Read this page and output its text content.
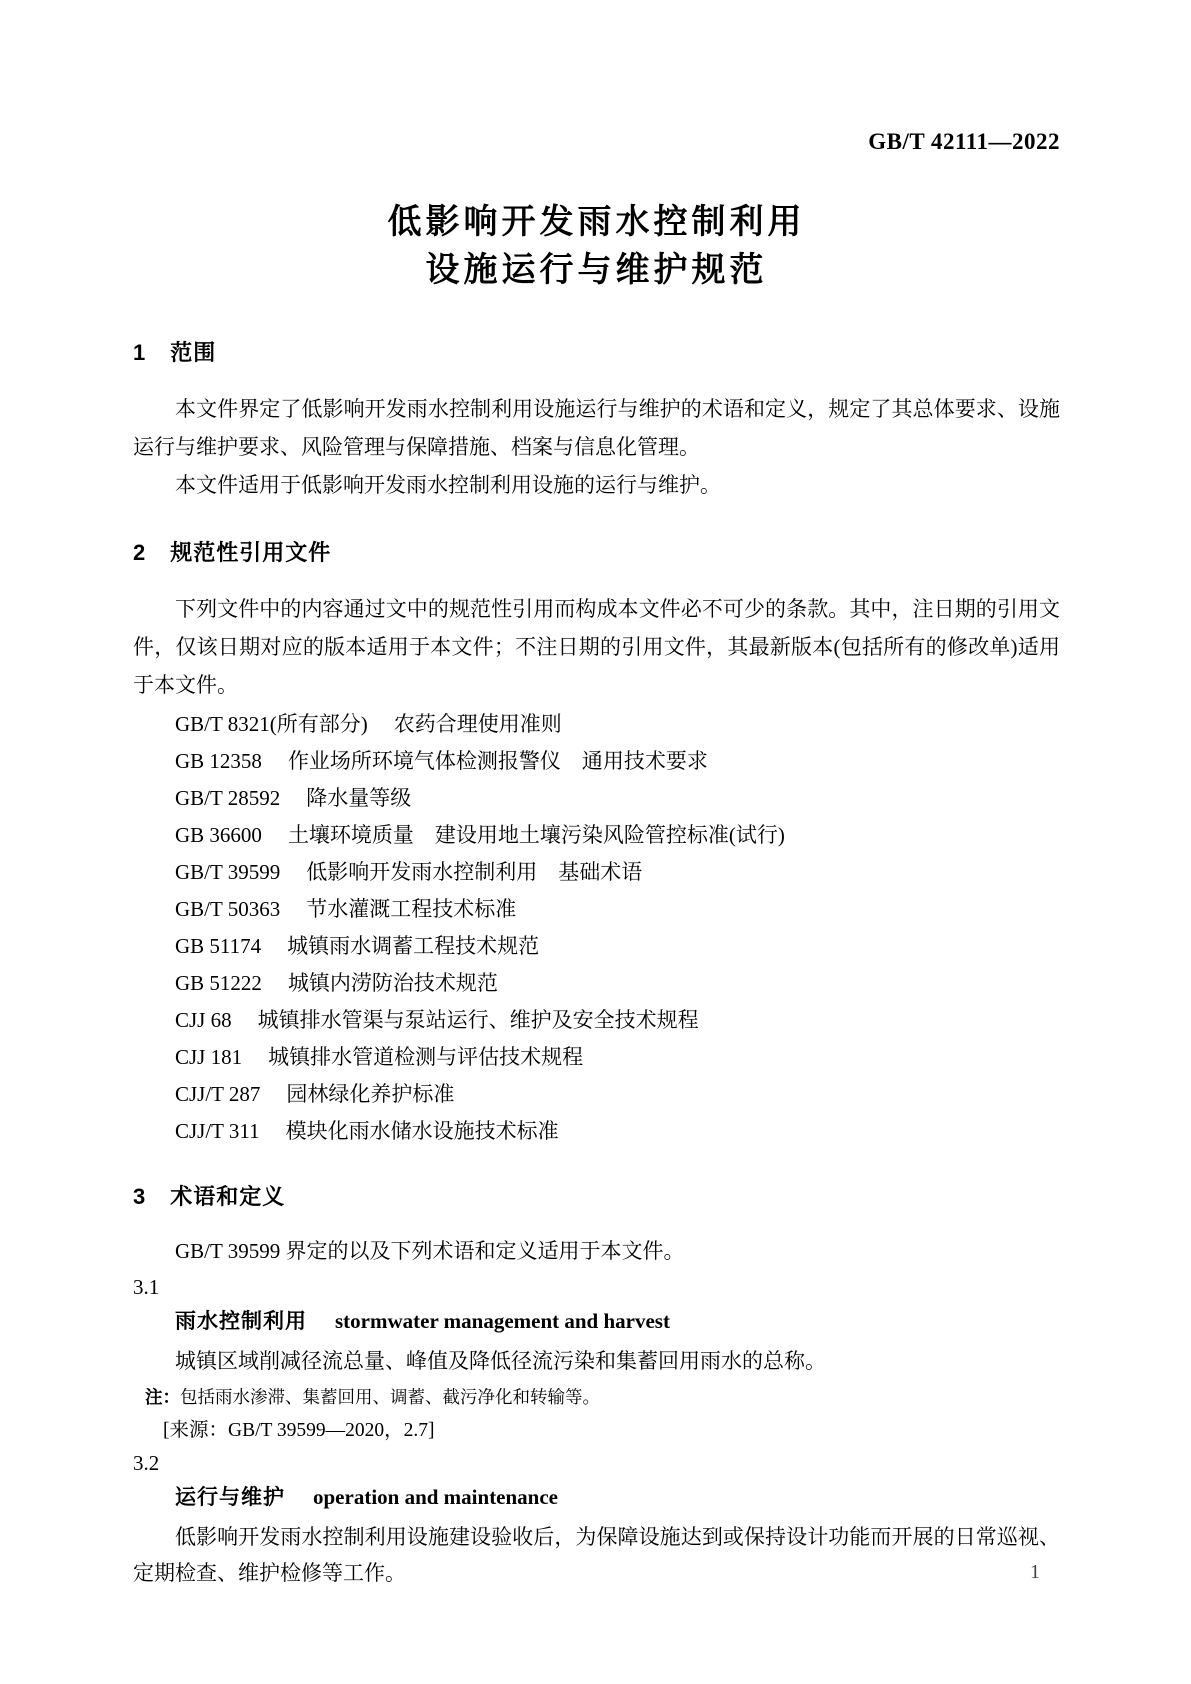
GB/T 42111—2022
低影响开发雨水控制利用
设施运行与维护规范
1 范围

本文件界定了低影响开发雨水控制利用设施运行与维护的术语和定义，规定了其总体要求、设施运行与维护要求、风险管理与保障措施、档案与信息化管理。

本文件适用于低影响开发雨水控制利用设施的运行与维护。

2 规范性引用文件

下列文件中的内容通过文中的规范性引用而构成本文件必不可少的条款。其中，注日期的引用文件，仅该日期对应的版本适用于本文件；不注日期的引用文件，其最新版本(包括所有的修改单)适用于本文件。

GB/T 8321(所有部分) 农药合理使用准则
GB 12358 作业场所环境气体检测报警仪　通用技术要求
GB/T 28592 降水量等级
GB 36600 土壤环境质量　建设用地土壤污染风险管控标准(试行)
GB/T 39599 低影响开发雨水控制利用　基础术语
GB/T 50363 节水灌溉工程技术标准
GB 51174 城镇雨水调蓄工程技术规范
GB 51222 城镇内涝防治技术规范
CJJ 68 城镇排水管渠与泵站运行、维护及安全技术规程
CJJ 181 城镇排水管道检测与评估技术规程
CJJ/T 287 园林绿化养护标准
CJJ/T 311 模块化雨水储水设施技术标准
3 术语和定义

GB/T 39599 界定的以及下列术语和定义适用于本文件。

3.1
雨水控制利用 stormwater management and harvest

城镇区域削减径流总量、峰值及降低径流污染和集蓄回用雨水的总称。

注：包括雨水渗滞、集蓄回用、调蓄、截污净化和转输等。
[来源：GB/T 39599—2020，2.7]
3.2
运行与维护 operation and maintenance

低影响开发雨水控制利用设施建设验收后，为保障设施达到或保持设计功能而开展的日常巡视、定期检查、维护检修等工作。	1
